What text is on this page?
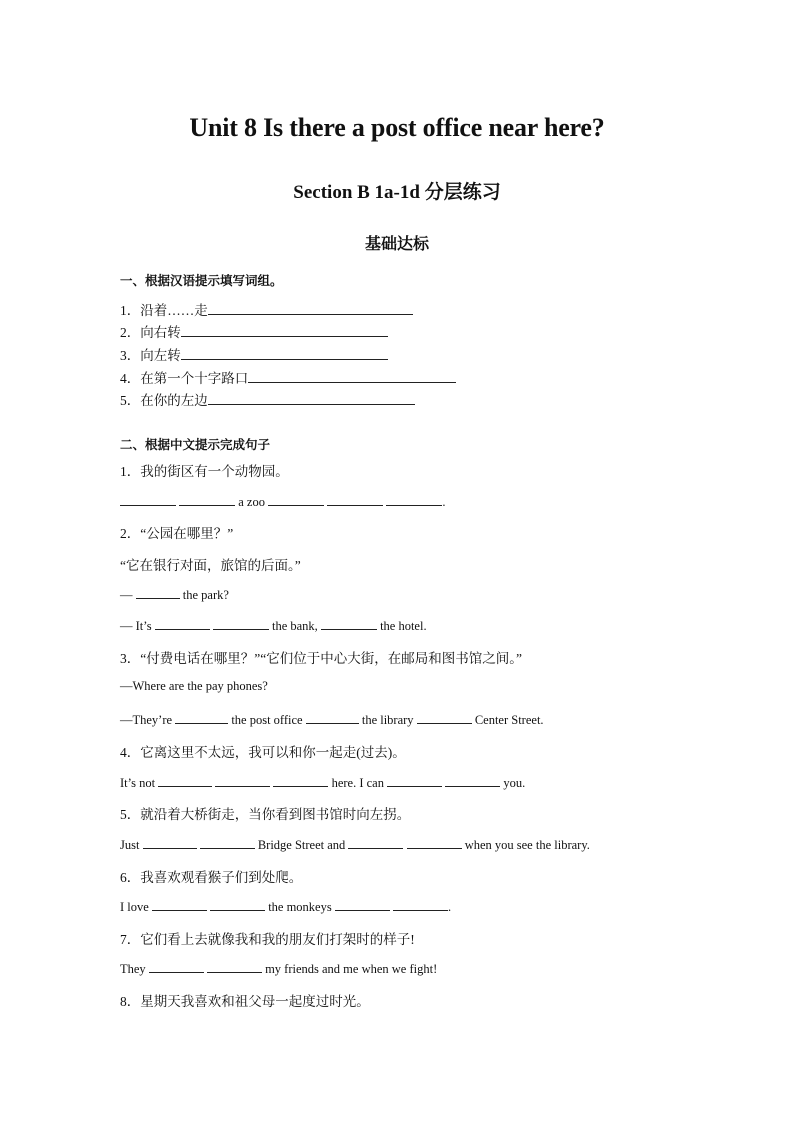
Unit 8 Is there a post office near here?
Section B 1a-1d 分层练习
基础达标
一、根据汉语提示填写词组。
1．沿着……走
2．向右转
3．向左转
4．在第一个十字路口
5．在你的左边
二、根据中文提示完成句子
1．我的街区有一个动物园。
a zoo	.
2．“公园在哪里？”
“它在银行对面，旅馆的后面。”
—	the park?
— It’s	the bank,	the hotel.
3．“付费电话在哪里？”“它们位于中心大街，在邮局和图书馆之间。”
—Where are the pay phones?
—They’re	the post office	the library	Center Street.
4．它离这里不太远，我可以和你一起走(过去)。
It’s not	here. I can	you.
5．就沿着大桥街走，当你看到图书馆时向左拐。
Just	Bridge Street and	when you see the library.
6．我喜欢观看猴子们到处爬。
I love	the monkeys	.
7．它们看上去就像我和我的朋友们打架时的样子!
They	my friends and me when we fight!
8．星期天我喜欢和祖父母一起度过时光。
